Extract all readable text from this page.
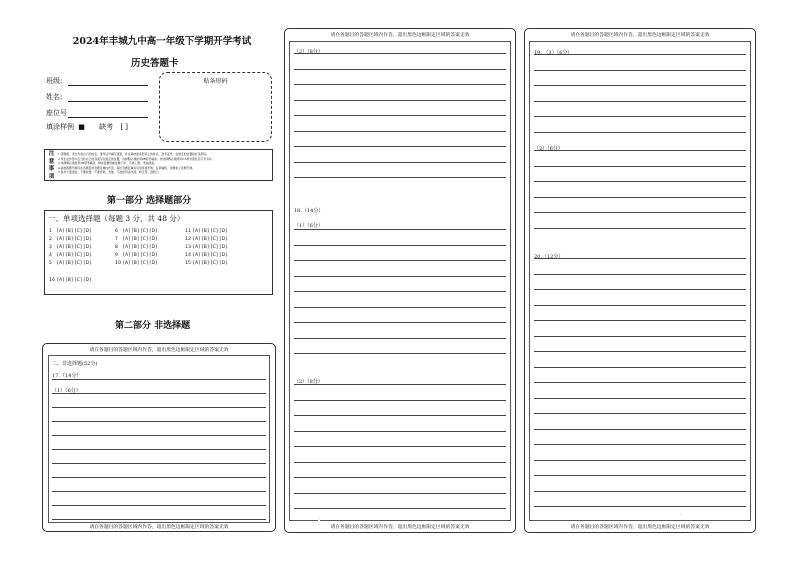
2024年丰城九中高一年级下学期开学考试
历史答题卡
班级:
姓名:
座位号
填涂样例 ■ 缺考 [ ]
贴条形码
注
意
事
项
1.答题前，考生先将自己的姓名、准考证号填写清楚，并认真核准条形码上的姓名、准考证号，在规定的位置贴好条形码。
2.考生在作答中应当将自己的答案写在规定的位置，选择题必须使用2B铅笔填涂；非选择题必须使用0.5毫米黑色签字笔书写。
3.选择题必须使用2B铅笔填涂，修改需要用橡皮擦干净，字体工整、笔迹清楚。
4.请按照题号顺序在各题目的答题区域内作答，超出答题区域书写的答案无效；在草稿纸、试题卷上答题无效。
5.保持卡面清洁，不要折叠，不要弄破、弄皱，不准使用涂改液、修正带、刮纸刀。
第一部分 选择题部分
一、单项选择题（每题 3 分，共 48 分）
1 [A] [B] [C] [D]
2 [A] [B] [C] [D]
3 [A] [B] [C] [D]
4 [A] [B] [C] [D]
5 [A] [B] [C] [D]
6 [A] [B] [C] [D]
7 [A] [B] [C] [D]
8 [A] [B] [C] [D]
9 [A] [B] [C] [D]
10 [A] [B] [C] [D]
11 [A] [B] [C] [D]
12 [A] [B] [C] [D]
13 [A] [B] [C] [D]
14 [A] [B] [C] [D]
15 [A] [B] [C] [D]
16 [A] [B] [C] [D]
第二部分 非选择题
请在各题目的答题区域内作答，超出黑色边框限定区域的答案无效
二、非选择题(52分)
17.（14分）
（1）（6分）
请在各题目的答题区域内作答，超出黑色边框限定区域的答案无效
请在各题目的答题区域内作答，超出黑色边框限定区域的答案无效
（2）（8分）
18.（14分）
（1）（6分）
（2）（8分）
-
请在各题目的答题区域内作答，超出黑色边框限定区域的答案无效
请在各题目的答题区域内作答，超出黑色边框限定区域的答案无效
19. （1）（6分）
（2）（6分）
20.（12分）
·
请在各题目的答题区域内作答，超出黑色边框限定区域的答案无效
